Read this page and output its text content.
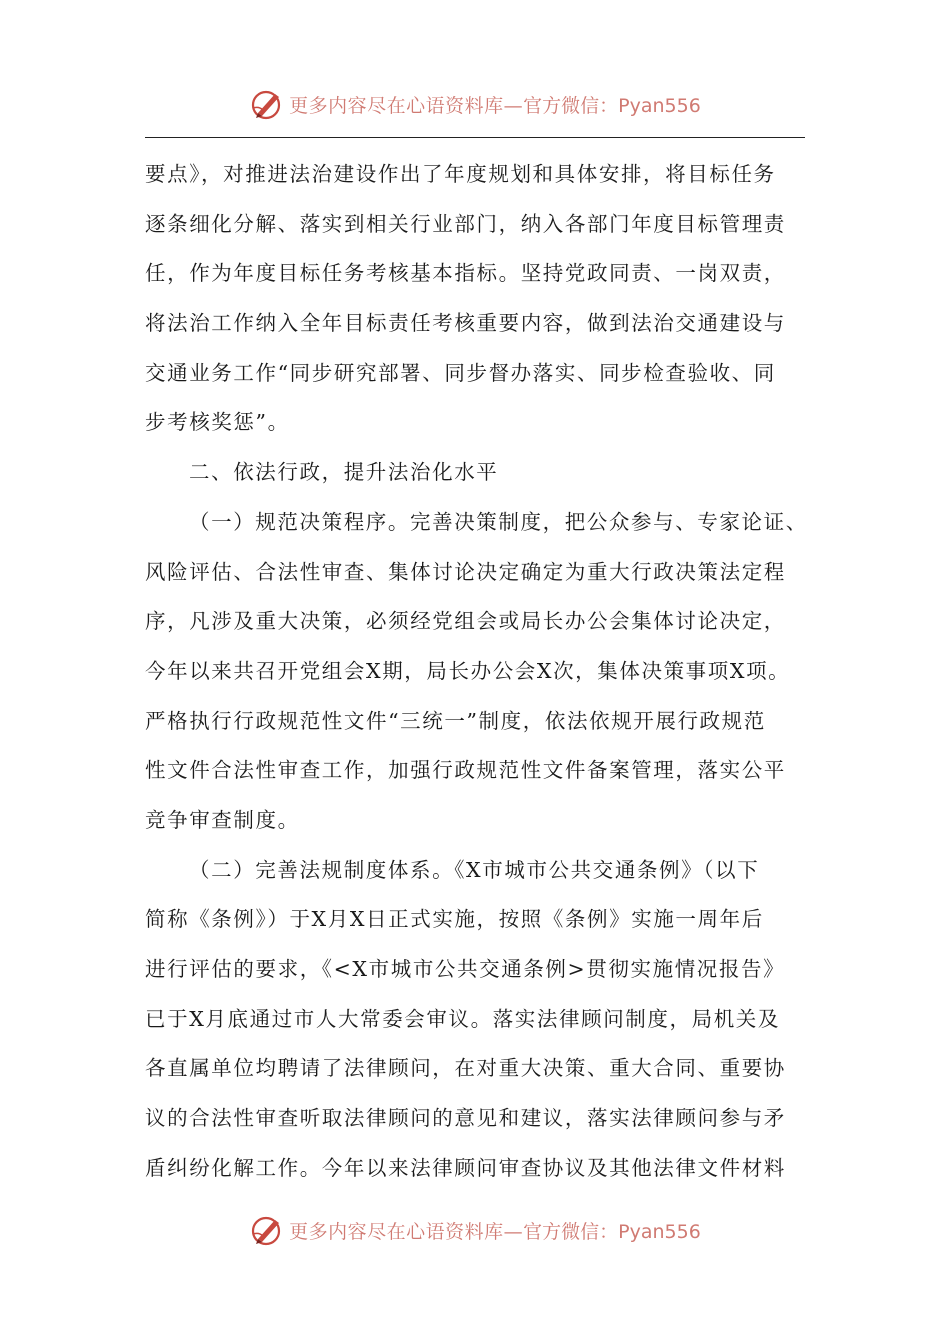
更多内容尽在心语资料库— 官方微信：Pyan556
要点》，对推进法治建设作出了年度规划和具体安排，将目标任务
逐条细化分解、落实到相关行业部门，纳入各部门年度目标管理责
任，作为年度目标任务考核基本指标。坚持党政同责、一岗双责，
将法治工作纳入全年目标责任考核重要内容，做到法治交通建设与
交通业务工作“同步研究部署、同步督办落实、同步检查验收、同
步考核奖惩”。
二、依法行政，提升法治化水平
（一）规范决策程序。完善决策制度，把公众参与、专家论证、
风险评估、合法性审查、集体讨论决定确定为重大行政决策法定程
序，凡涉及重大决策，必须经党组会或局长办公会集体讨论决定，
今年以来共召开党组会X期，局长办公会X次，集体决策事项X项。
严格执行行政规范性文件“三统一”制度，依法依规开展行政规范
性文件合法性审查工作，加强行政规范性文件备案管理，落实公平
竞争审查制度。
（二）完善法规制度体系。《X市城市公共交通条例》（以下
简称《条例》）于X月X日正式实施，按照《条例》实施一周年后
进行评估的要求，《<X市城市公共交通条例>贯彻实施情况报告》
已于X月底通过市人大常委会审议。落实法律顾问制度，局机关及
各直属单位均聘请了法律顾问，在对重大决策、重大合同、重要协
议的合法性审查听取法律顾问的意见和建议，落实法律顾问参与矛
盾纠纷化解工作。今年以来法律顾问审查协议及其他法律文件材料
更多内容尽在心语资料库— 官方微信：Pyan556
